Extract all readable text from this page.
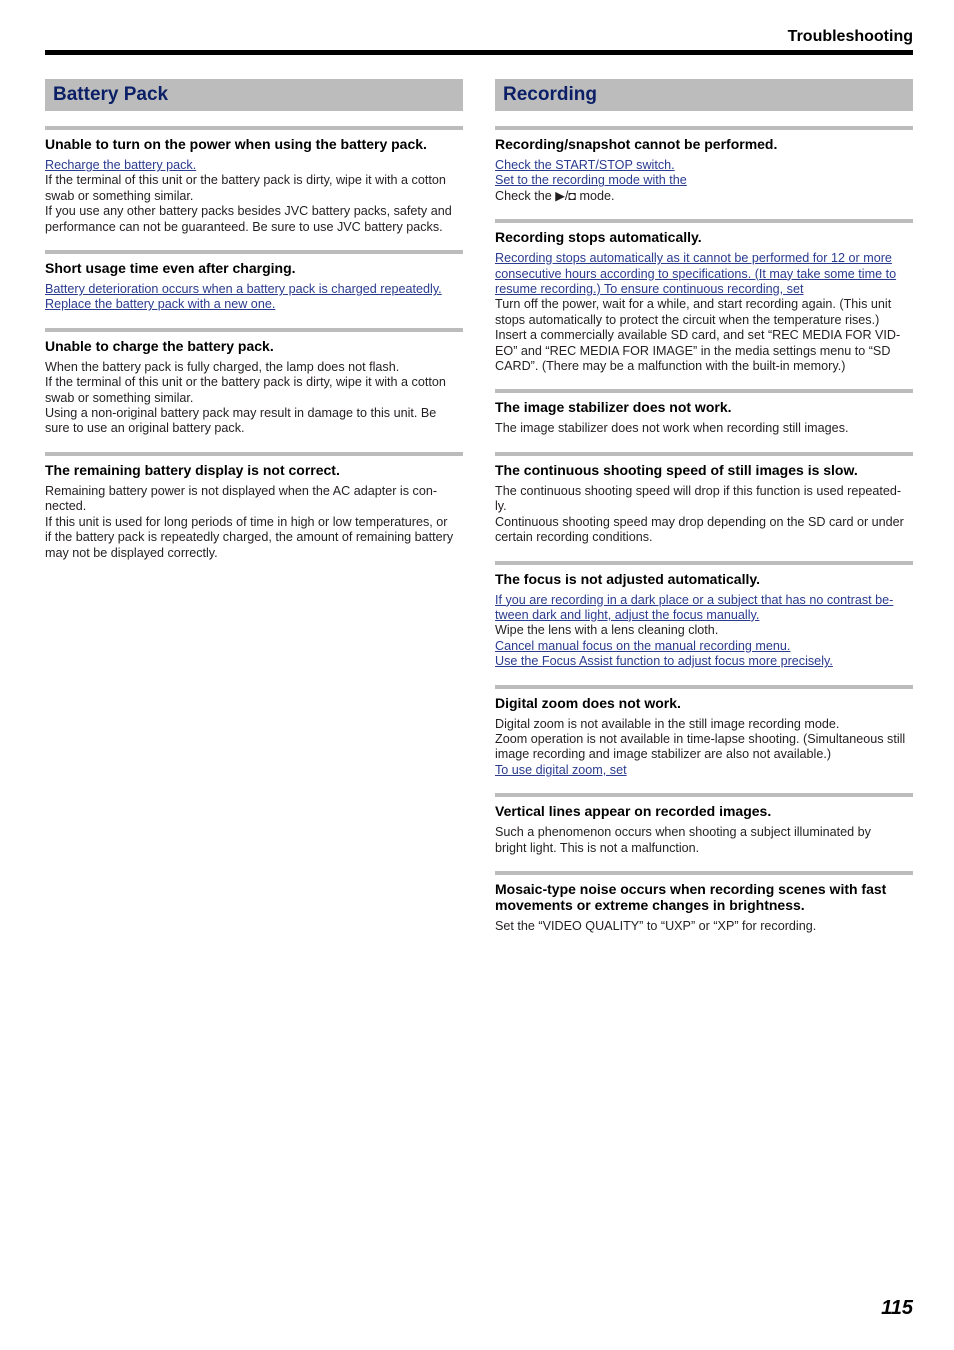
Troubleshooting
Battery Pack
Unable to turn on the power when using the battery pack.
Recharge the battery pack.
If the terminal of this unit or the battery pack is dirty, wipe it with a cotton
swab or something similar.
If you use any other battery packs besides JVC battery packs, safety and
performance can not be guaranteed. Be sure to use JVC battery packs.
Short usage time even after charging.
Battery deterioration occurs when a battery pack is charged repeatedly.
Replace the battery pack with a new one.
Unable to charge the battery pack.
When the battery pack is fully charged, the lamp does not flash.
If the terminal of this unit or the battery pack is dirty, wipe it with a cotton
swab or something similar.
Using a non-original battery pack may result in damage to this unit. Be
sure to use an original battery pack.
The remaining battery display is not correct.
Remaining battery power is not displayed when the AC adapter is con-
nected.
If this unit is used for long periods of time in high or low temperatures, or
if the battery pack is repeatedly charged, the amount of remaining battery
may not be displayed correctly.
Recording
Recording/snapshot cannot be performed.
Check the START/STOP switch.
Set to the recording mode with the
Check the ▶/◘ mode.
Recording stops automatically.
Recording stops automatically as it cannot be performed for 12 or more
consecutive hours according to specifications. (It may take some time to
resume recording.) To ensure continuous recording, set
Turn off the power, wait for a while, and start recording again. (This unit
stops automatically to protect the circuit when the temperature rises.)
Insert a commercially available SD card, and set “REC MEDIA FOR VID-
EO” and “REC MEDIA FOR IMAGE” in the media settings menu to “SD
CARD”. (There may be a malfunction with the built-in memory.)
The image stabilizer does not work.
The image stabilizer does not work when recording still images.
The continuous shooting speed of still images is slow.
The continuous shooting speed will drop if this function is used repeated-
ly.
Continuous shooting speed may drop depending on the SD card or under
certain recording conditions.
The focus is not adjusted automatically.
If you are recording in a dark place or a subject that has no contrast be-
tween dark and light, adjust the focus manually.
Wipe the lens with a lens cleaning cloth.
Cancel manual focus on the manual recording menu.
Use the Focus Assist function to adjust focus more precisely.
Digital zoom does not work.
Digital zoom is not available in the still image recording mode.
Zoom operation is not available in time-lapse shooting. (Simultaneous still
image recording and image stabilizer are also not available.)
To use digital zoom, set
Vertical lines appear on recorded images.
Such a phenomenon occurs when shooting a subject illuminated by
bright light. This is not a malfunction.
Mosaic-type noise occurs when recording scenes with fast movements or extreme changes in brightness.
Set the “VIDEO QUALITY” to “UXP” or “XP” for recording.
115
